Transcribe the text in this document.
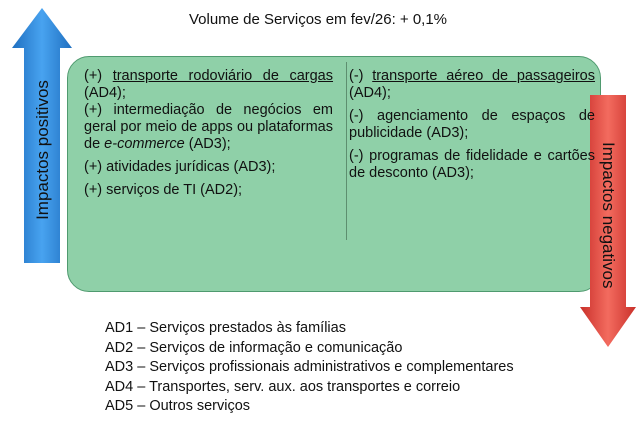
Volume de Serviços em fev/26: + 0,1%
Impactos positivos	Impactos negativos

(+) transporte rodoviário de cargas (AD4);

(+) intermediação de negócios em geral por meio de apps ou plataformas de e-commerce (AD3);

(+) atividades jurídicas (AD3);

(+) serviços de TI (AD2);

(-) transporte aéreo de passageiros (AD4);

(-) agenciamento de espaços de publicidade (AD3);

(-) programas de fidelidade e cartões de desconto (AD3);

AD1 – Serviços prestados às famílias
AD2 – Serviços de informação e comunicação
AD3 – Serviços profissionais administrativos e complementares
AD4 – Transportes, serv. aux. aos transportes e correio
AD5 – Outros serviços
